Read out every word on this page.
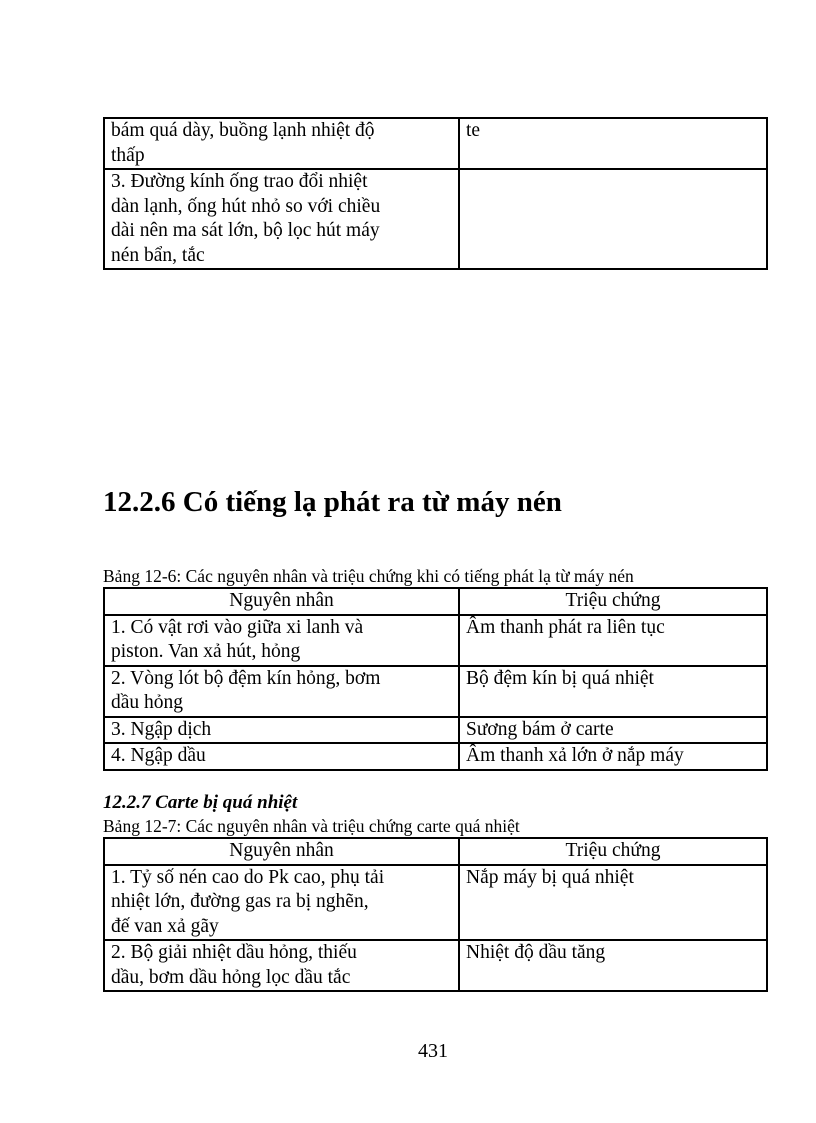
bám quá dày, buồng lạnh nhiệt độ
thấp	te
3. Đường kính ống trao đổi nhiệt
dàn lạnh, ống hút nhỏ so với chiều
dài nên ma sát lớn, bộ lọc hút máy
nén bẩn, tắc	
12.2.6 Có tiếng lạ phát ra từ máy nén

Bảng 12-6: Các nguyên nhân và triệu chứng khi có tiếng phát lạ từ máy nén

Nguyên nhân	Triệu chứng
1. Có vật rơi vào giữa xi lanh và
piston. Van xả hút, hỏng	Âm thanh phát ra liên tục
2. Vòng lót bộ đệm kín hỏng, bơm
dầu hỏng	Bộ đệm kín bị quá nhiệt
3. Ngập dịch	Sương bám ở carte
4. Ngập dầu	Âm thanh xả lớn ở nắp máy
12.2.7 Carte bị quá nhiệt

Bảng 12-7: Các nguyên nhân và triệu chứng carte quá nhiệt

Nguyên nhân	Triệu chứng
1. Tỷ số nén cao do Pk cao, phụ tải
nhiệt lớn, đường gas ra bị nghẽn,
đế van xả gãy	Nắp máy bị quá nhiệt
2. Bộ giải nhiệt dầu hỏng, thiếu
dầu, bơm dầu hỏng lọc dầu tắc	Nhiệt độ dầu tăng
431
